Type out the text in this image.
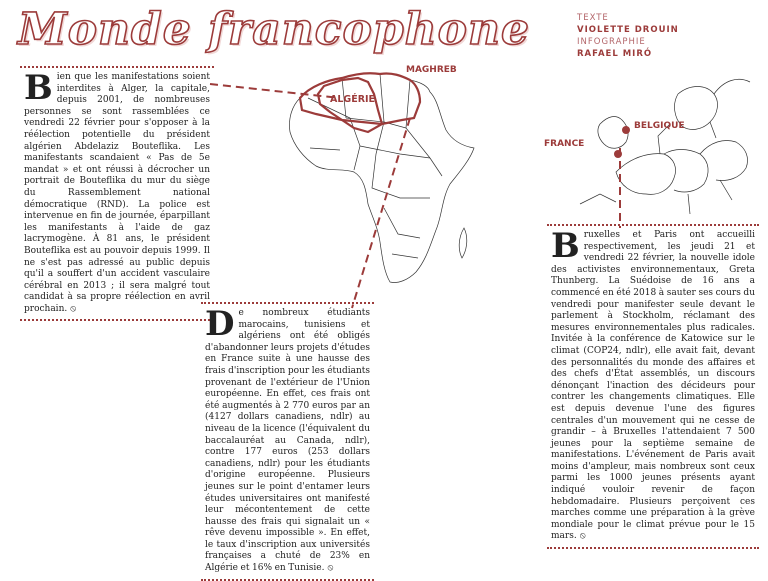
Monde francophone	TEXTE
VIOLETTE DROUIN
INFOGRAPHIE
RAFAEL MIRÓ
ALGÉRIE
MAGHREB
BELGIQUE
FRANCE
B ien que les manifestations soient interdites à Alger, la capitale, depuis 2001, de nombreuses personnes se sont rassemblées ce vendredi 22 février pour s'opposer à la réélection potentielle du président algérien Abdelaziz Bouteflika. Les manifestants scandaient « Pas de 5e mandat » et ont réussi à décrocher un portrait de Bouteflika du mur du siège du Rassemblement national démocratique (RND). La police est intervenue en fin de journée, éparpillant les manifestants à l'aide de gaz lacrymogène. À 81 ans, le président Bouteflika est au pouvoir depuis 1999. Il ne s'est pas adressé au public depuis qu'il a souffert d'un accident vasculaire cérébral en 2013 ; il sera malgré tout candidat à sa propre réélection en avril prochain. ⦸	D e nombreux étudiants marocains, tunisiens et algériens ont été obligés d'abandonner leurs projets d'études en France suite à une hausse des frais d'inscription pour les étudiants provenant de l'extérieur de l'Union européenne. En effet, ces frais ont été augmentés à 2 770 euros par an (4127 dollars canadiens, ndlr) au niveau de la licence (l'équivalent du baccalauréat au Canada, ndlr), contre 177 euros (253 dollars canadiens, ndlr) pour les étudiants d'origine européenne. Plusieurs jeunes sur le point d'entamer leurs études universitaires ont manifesté leur mécontentement de cette hausse des frais qui signalait un « rêve devenu impossible ». En effet, le taux d'inscription aux universités françaises a chuté de 23% en Algérie et 16% en Tunisie. ⦸
B ruxelles et Paris ont accueilli respectivement, les jeudi 21 et vendredi 22 février, la nouvelle idole des activistes environnementaux, Greta Thunberg. La Suédoise de 16 ans a commencé en été 2018 à sauter ses cours du vendredi pour manifester seule devant le parlement à Stockholm, réclamant des mesures environnementales plus radicales. Invitée à la conférence de Katowice sur le climat (COP24, ndlr), elle avait fait, devant des personnalités du monde des affaires et des chefs d'État assemblés, un discours dénonçant l'inaction des décideurs pour contrer les changements climatiques. Elle est depuis devenue l'une des figures centrales d'un mouvement qui ne cesse de grandir – à Bruxelles l'attendaient 7 500 jeunes pour la septième semaine de manifestations. L'événement de Paris avait moins d'ampleur, mais nombreux sont ceux parmi les 1000 jeunes présents ayant indiqué vouloir revenir de façon hebdomadaire. Plusieurs perçoivent ces marches comme une préparation à la grève mondiale pour le climat prévue pour le 15 mars. ⦸
